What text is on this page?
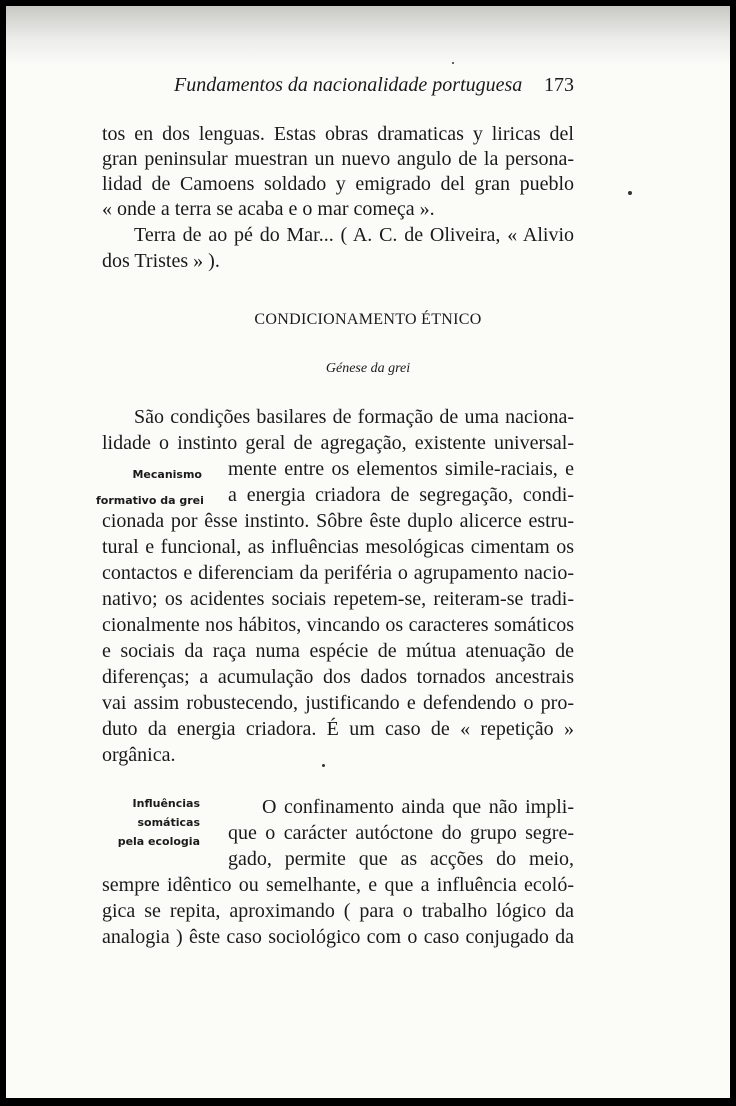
Fundamentos da nacionalidade portuguesa 173
tos en dos lenguas. Estas obras dramaticas y liricas del
gran peninsular muestran un nuevo angulo de la persona-
lidad de Camoens soldado y emigrado del gran pueblo
« onde a terra se acaba e o mar começa ».
Terra de ao pé do Mar... ( A. C. de Oliveira, « Alivio
dos Tristes » ).
CONDICIONAMENTO ÉTNICO
Génese da grei
São condições basilares de formação de uma naciona-
lidade o instinto geral de agregação, existente universal-
mente entre os elementos simile-raciais, e
a energia criadora de segregação, condi-
cionada por êsse instinto. Sôbre êste duplo alicerce estru-
tural e funcional, as influências mesológicas cimentam os
contactos e diferenciam da periféria o agrupamento nacio-
nativo; os acidentes sociais repetem-se, reiteram-se tradi-
cionalmente nos hábitos, vincando os caracteres somáticos
e sociais da raça numa espécie de mútua atenuação de
diferenças; a acumulação dos dados tornados ancestrais
vai assim robustecendo, justificando e defendendo o pro-
duto da energia criadora. É um caso de « repetição »
orgânica.
Mecanismo
formativo da grei
O confinamento ainda que não impli-
que o carácter autóctone do grupo segre-
gado, permite que as acções do meio,
sempre idêntico ou semelhante, e que a influência ecoló-
gica se repita, aproximando ( para o trabalho lógico da
analogia ) êste caso sociológico com o caso conjugado da
Influências
somáticas
pela ecologia
